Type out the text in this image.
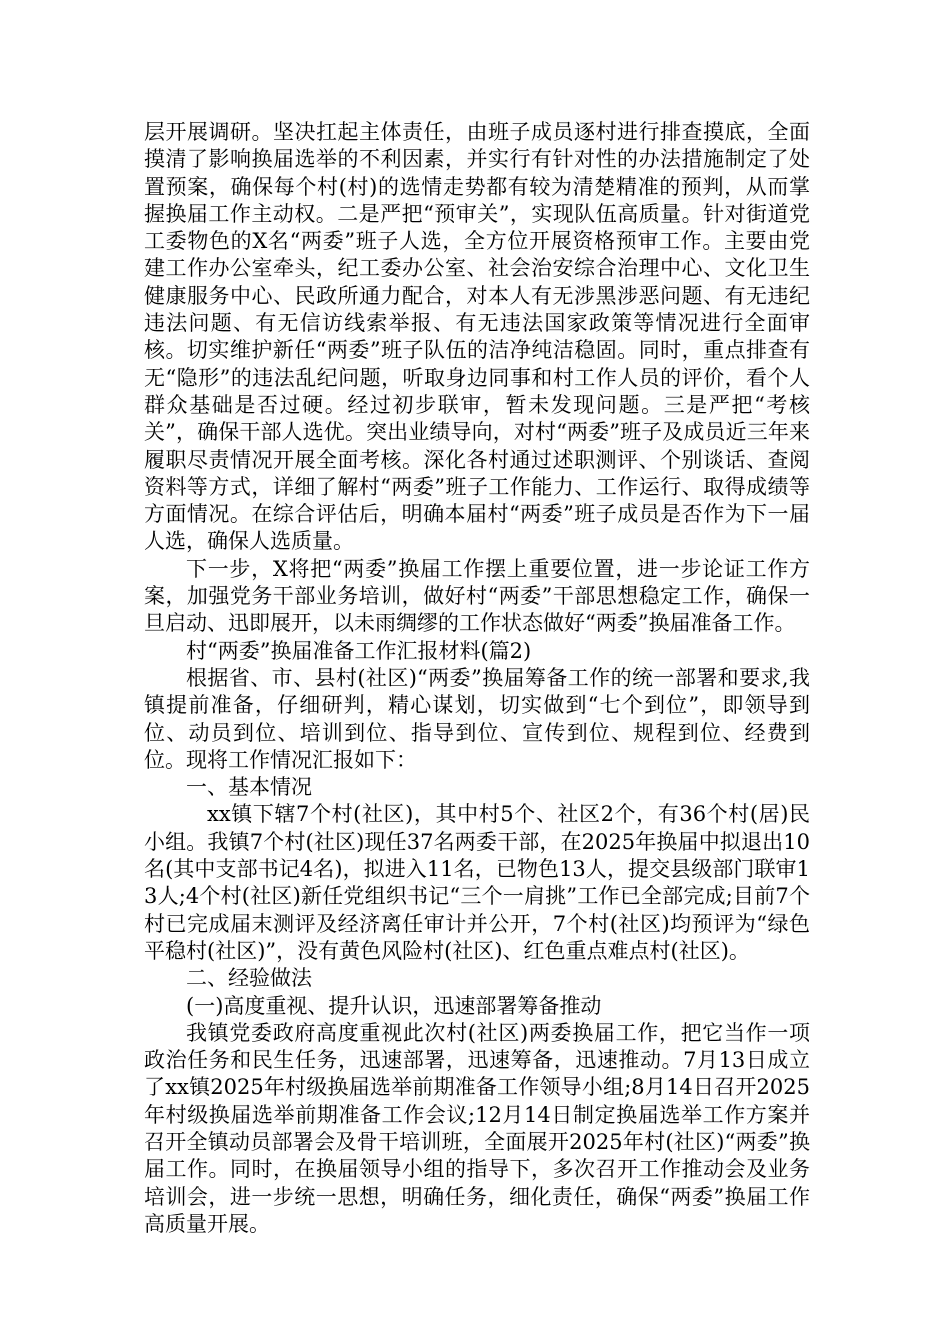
层开展调研。坚决扛起主体责任，由班子成员逐村进行排查摸底，全面摸清了影响换届选举的不利因素，并实行有针对性的办法措施制定了处置预案，确保每个村(村)的选情走势都有较为清楚精准的预判，从而掌握换届工作主动权。二是严把“预审关”，实现队伍高质量。针对街道党工委物色的X名“两委”班子人选，全方位开展资格预审工作。主要由党建工作办公室牵头，纪工委办公室、社会治安综合治理中心、文化卫生健康服务中心、民政所通力配合，对本人有无涉黑涉恶问题、有无违纪违法问题、有无信访线索举报、有无违法国家政策等情况进行全面审核。切实维护新任“两委”班子队伍的洁净纯洁稳固。同时，重点排查有无“隐形”的违法乱纪问题，听取身边同事和村工作人员的评价，看个人群众基础是否过硬。经过初步联审，暂未发现问题。三是严把“考核关”，确保干部人选优。突出业绩导向，对村“两委”班子及成员近三年来履职尽责情况开展全面考核。深化各村通过述职测评、个别谈话、查阅资料等方式，详细了解村“两委”班子工作能力、工作运行、取得成绩等方面情况。在综合评估后，明确本届村“两委”班子成员是否作为下一届人选，确保人选质量。

下一步，X将把“两委”换届工作摆上重要位置，进一步论证工作方案，加强党务干部业务培训，做好村“两委”干部思想稳定工作，确保一旦启动、迅即展开，以未雨绸缪的工作状态做好“两委”换届准备工作。

村“两委”换届准备工作汇报材料(篇2)

根据省、市、县村(社区)“两委”换届筹备工作的统一部署和要求,我镇提前准备，仔细研判，精心谋划，切实做到“七个到位”，即领导到位、动员到位、培训到位、指导到位、宣传到位、规程到位、经费到位。现将工作情况汇报如下：

一、基本情况

xx镇下辖7个村(社区)，其中村5个、社区2个，有36个村(居)民小组。我镇7个村(社区)现任37名两委干部，在2025年换届中拟退出10名(其中支部书记4名)，拟进入11名，已物色13人，提交县级部门联审13人;4个村(社区)新任党组织书记“三个一肩挑”工作已全部完成;目前7个村已完成届末测评及经济离任审计并公开，7个村(社区)均预评为“绿色平稳村(社区)”，没有黄色风险村(社区)、红色重点难点村(社区)。

二、经验做法

(一)高度重视、提升认识，迅速部署筹备推动

我镇党委政府高度重视此次村(社区)两委换届工作，把它当作一项政治任务和民生任务，迅速部署，迅速筹备，迅速推动。7月13日成立了xx镇2025年村级换届选举前期准备工作领导小组;8月14日召开2025年村级换届选举前期准备工作会议;12月14日制定换届选举工作方案并召开全镇动员部署会及骨干培训班，全面展开2025年村(社区)“两委”换届工作。同时，在换届领导小组的指导下，多次召开工作推动会及业务培训会，进一步统一思想，明确任务，细化责任，确保“两委”换届工作高质量开展。
